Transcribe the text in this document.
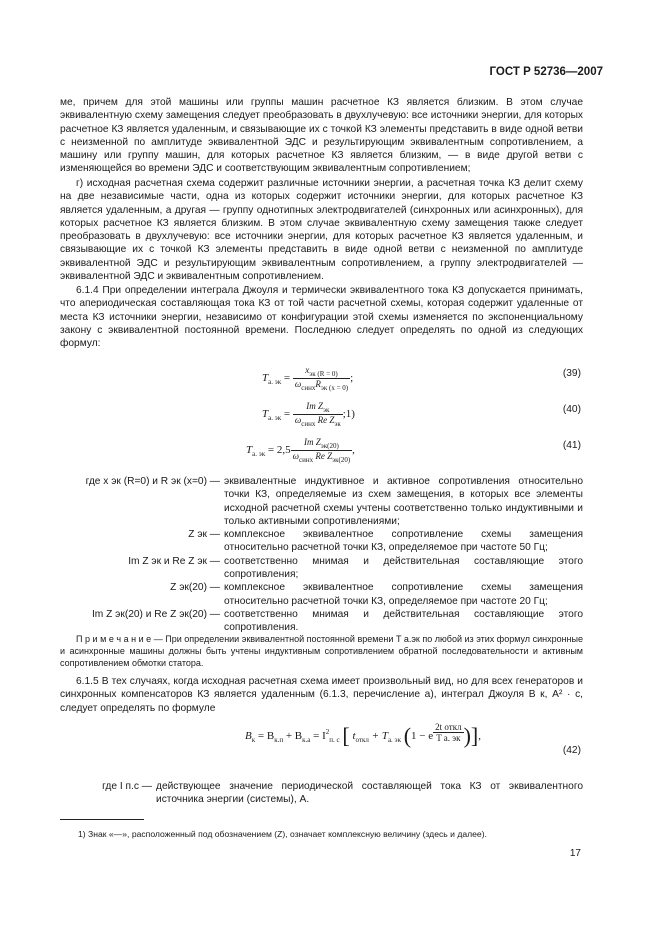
ГОСТ Р 52736—2007
ме, причем для этой машины или группы машин расчетное КЗ является близким. В этом случае эквивалентную схему замещения следует преобразовать в двухлучевую: все источники энергии, для которых расчетное КЗ является удаленным, и связывающие их с точкой КЗ элементы представить в виде одной ветви с неизменной по амплитуде эквивалентной ЭДС и результирующим эквивалентным сопротивлением, а машину или группу машин, для которых расчетное КЗ является близким, — в виде другой ветви с изменяющейся во времени ЭДС и соответствующим эквивалентным сопротивлением;
г) исходная расчетная схема содержит различные источники энергии, а расчетная точка КЗ делит схему на две независимые части, одна из которых содержит источники энергии, для которых расчетное КЗ является удаленным, а другая — группу однотипных электродвигателей (синхронных или асинхронных), для которых расчетное КЗ является близким. В этом случае эквивалентную схему замещения также следует преобразовать в двухлучевую: все источники энергии, для которых расчетное КЗ является удаленным, и связывающие их с точкой КЗ элементы представить в виде одной ветви с неизменной по амплитуде эквивалентной ЭДС и результирующим эквивалентным сопротивлением, а группу электродвигателей — эквивалентной ЭДС и эквивалентным сопротивлением.
6.1.4 При определении интеграла Джоуля и термически эквивалентного тока КЗ допускается принимать, что апериодическая составляющая тока КЗ от той части расчетной схемы, которая содержит удаленные от места КЗ источники энергии, независимо от конфигурации этой схемы изменяется по экспоненциальному закону с эквивалентной постоянной времени. Последнюю следует определять по одной из следующих формул:
$T_{а. эк} = \frac{x_{эк (R = 0)}}{\omega_{синх}R_{эк (x = 0)}}$ ;	(39)
$T_{а. эк} = \frac{Im Z_{эк}}{\omega_{синх} Re Z_{эк}}$ ;1)	(40)
$T_{а. эк} = 2,5 \frac{Im Z_{эк(20)}}{\omega_{синх} Re Z_{эк(20)}}$ ,	(41)
где x эк (R=0) и R эк (x=0) — эквивалентные индуктивное и активное сопротивления относительно точки КЗ, определяемые из схем замещения, в которых все элементы исходной расчетной схемы учтены соответственно только индуктивными и только активными сопротивлениями;
Z эк — комплексное эквивалентное сопротивление схемы замещения относительно расчетной точки КЗ, определяемое при частоте 50 Гц;
Im Z эк и Re Z эк — соответственно мнимая и действительная составляющие этого сопротивления;
Z эк(20) — комплексное эквивалентное сопротивление схемы замещения относительно расчетной точки КЗ, определяемое при частоте 20 Гц;
Im Z эк(20) и Re Z эк(20) — соответственно мнимая и действительная составляющие этого сопротивления.
П р и м е ч а н и е — При определении эквивалентной постоянной времени T а.эк по любой из этих формул синхронные и асинхронные машины должны быть учтены индуктивным сопротивлением обратной последовательности и активным сопротивлением обмотки статора.
6.1.5 В тех случаях, когда исходная расчетная схема имеет произвольный вид, но для всех генераторов и синхронных компенсаторов КЗ является удаленным (6.1.3, перечисление а), интеграл Джоуля B к, А² · с, следует определять по формуле
$B_к = B_{к.п} + B_{к.а} = I^2_{п. с}$ [ $t_{откл} + T_{а. эк}$ (1 − e $^{\frac{\text{2t откл}}{\text{T а. эк}}}$ )],
(42)
где I п.с — действующее значение периодической составляющей тока КЗ от эквивалентного источника энергии (системы), А.
1) Знак «—», расположенный под обозначением (Z), означает комплексную величину (здесь и далее).
17
